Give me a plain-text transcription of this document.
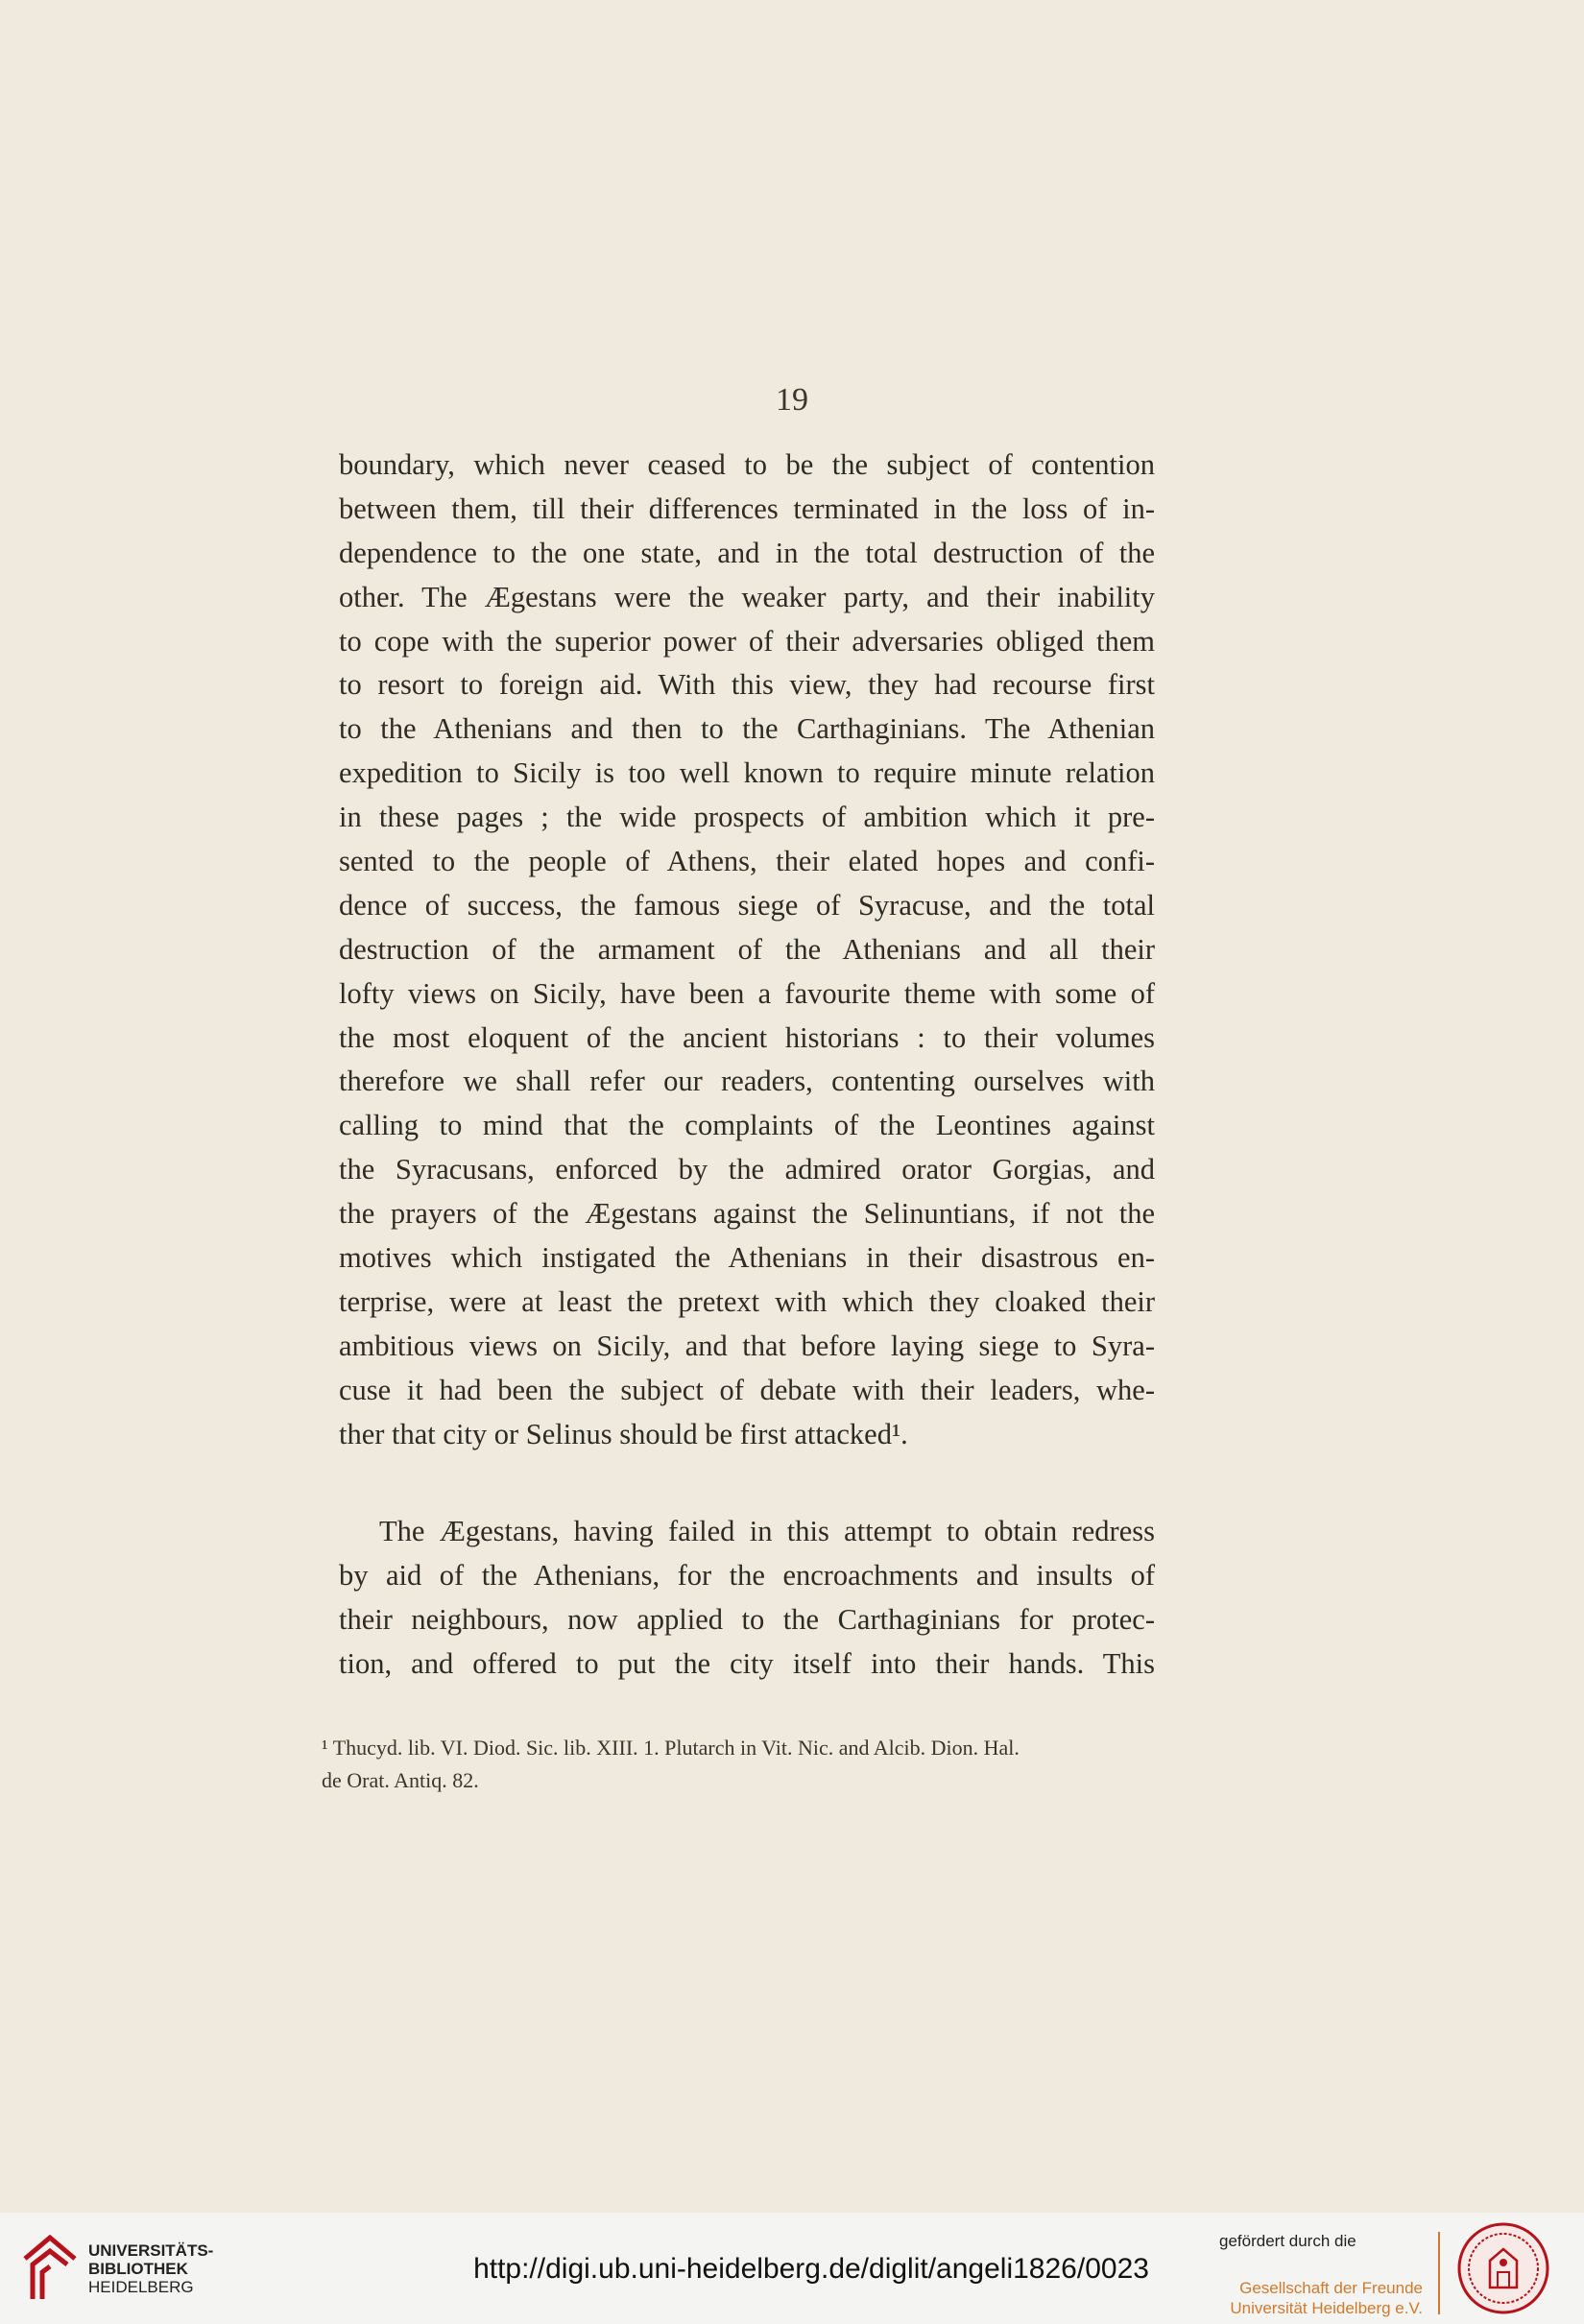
19
boundary, which never ceased to be the subject of contention
between them, till their differences terminated in the loss of in-
dependence to the one state, and in the total destruction of the
other. The Ægestans were the weaker party, and their inability
to cope with the superior power of their adversaries obliged them
to resort to foreign aid. With this view, they had recourse first
to the Athenians and then to the Carthaginians. The Athenian
expedition to Sicily is too well known to require minute relation
in these pages ; the wide prospects of ambition which it pre-
sented to the people of Athens, their elated hopes and confi-
dence of success, the famous siege of Syracuse, and the total
destruction of the armament of the Athenians and all their
lofty views on Sicily, have been a favourite theme with some of
the most eloquent of the ancient historians : to their volumes
therefore we shall refer our readers, contenting ourselves with
calling to mind that the complaints of the Leontines against
the Syracusans, enforced by the admired orator Gorgias, and
the prayers of the Ægestans against the Selinuntians, if not the
motives which instigated the Athenians in their disastrous en-
terprise, were at least the pretext with which they cloaked their
ambitious views on Sicily, and that before laying siege to Syra-
cuse it had been the subject of debate with their leaders, whe-
ther that city or Selinus should be first attacked¹.
The Ægestans, having failed in this attempt to obtain redress
by aid of the Athenians, for the encroachments and insults of
their neighbours, now applied to the Carthaginians for protec-
tion, and offered to put the city itself into their hands. This
¹ Thucyd. lib. VI. Diod. Sic. lib. XIII. 1. Plutarch in Vit. Nic. and Alcib. Dion. Hal.
de Orat. Antiq. 82.
UNIVERSITÄTS-
BIBLIOTHEK
HEIDELBERG
http://digi.ub.uni-heidelberg.de/diglit/angeli1826/0023
gefördert durch die
Gesellschaft der Freunde
Universität Heidelberg e.V.
